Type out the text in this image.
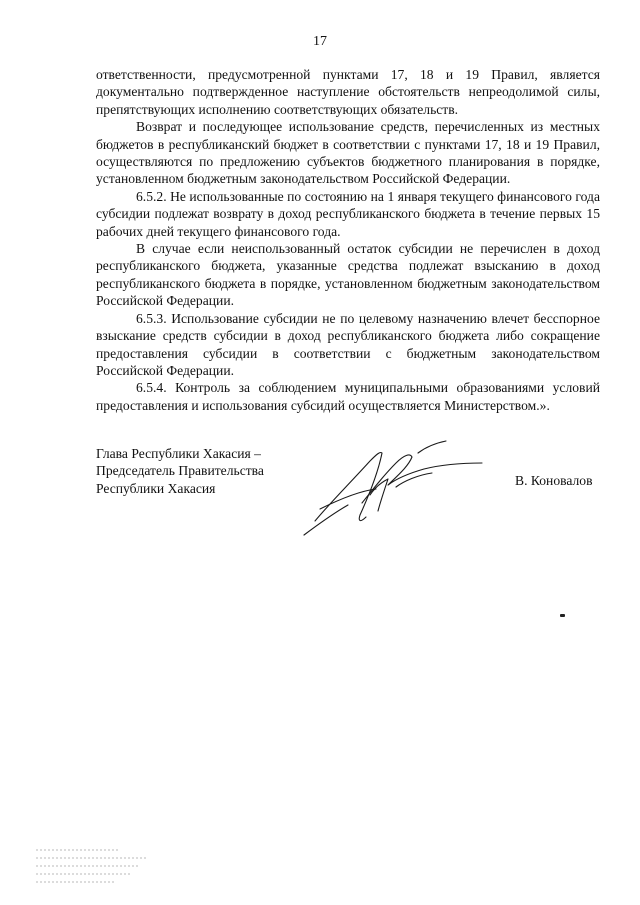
17

ответственности, предусмотренной пунктами 17, 18 и 19 Правил, является документально подтвержденное наступление обстоятельств непреодолимой силы, препятствующих исполнению соответствующих обязательств.

Возврат и последующее использование средств, перечисленных из местных бюджетов в республиканский бюджет в соответствии с пунктами 17, 18 и 19 Правил, осуществляются по предложению субъектов бюджетного планирования в порядке, установленном бюджетным законодательством Российской Федерации.

6.5.2. Не использованные по состоянию на 1 января текущего финансового года субсидии подлежат возврату в доход республиканского бюджета в течение первых 15 рабочих дней текущего финансового года.

В случае если неиспользованный остаток субсидии не перечислен в доход республиканского бюджета, указанные средства подлежат взысканию в доход республиканского бюджета в порядке, установленном бюджетным законодательством Российской Федерации.

6.5.3. Использование субсидии не по целевому назначению влечет бесспорное взыскание средств субсидии в доход республиканского бюджета либо сокращение предоставления субсидии в соответствии с бюджетным законодательством Российской Федерации.

6.5.4. Контроль за соблюдением муниципальными образованиями условий предоставления и использования субсидий осуществляется Министерством.».

Глава Республики Хакасия –
Председатель Правительства
Республики Хакасия
В. Коновалов
